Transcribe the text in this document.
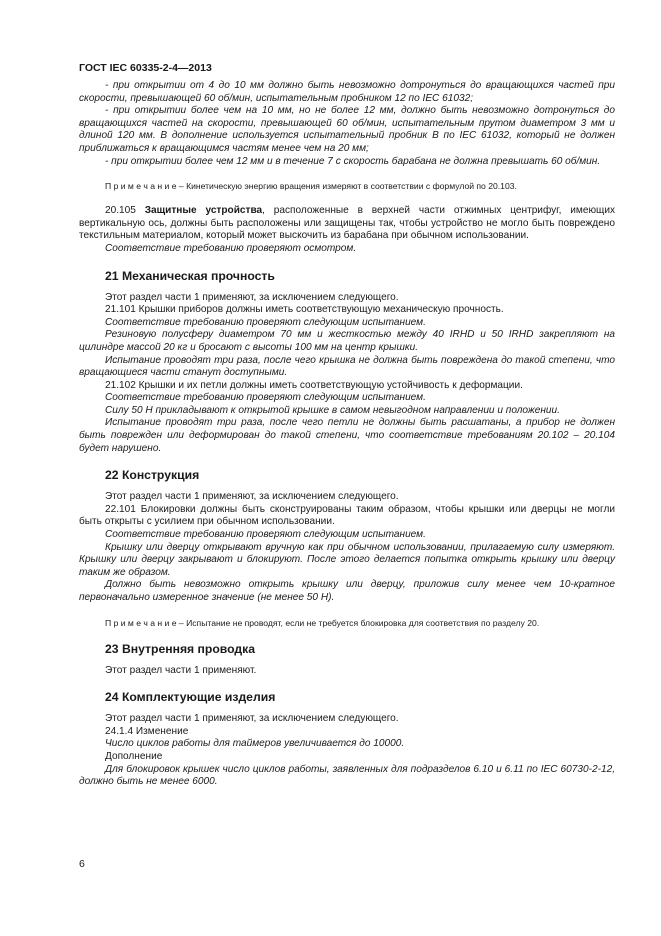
ГОСТ IEC 60335-2-4—2013

- при открытии от 4 до 10 мм должно быть невозможно дотронуться до вращающихся частей при скорости, превышающей 60 об/мин, испытательным пробником 12 по IEC 61032;

- при открытии более чем на 10 мм, но не более 12 мм, должно быть невозможно дотронуться до вращающихся частей на скорости, превышающей 60 об/мин, испытательным прутом диаметром 3 мм и длиной 120 мм. В дополнение используется испытательный пробник В по IEC 61032, который не должен приближаться к вращающимся частям менее чем на 20 мм;

- при открытии более чем 12 мм и в течение 7 с скорость барабана не должна превышать 60 об/мин.

П р и м е ч а н и е – Кинетическую энергию вращения измеряют в соответствии с формулой по 20.103.

20.105 Защитные устройства, расположенные в верхней части отжимных центрифуг, имеющих вертикальную ось, должны быть расположены или защищены так, чтобы устройство не могло быть повреждено текстильным материалом, который может выскочить из барабана при обычном использовании.

Соответствие требованию проверяют осмотром.

21 Механическая прочность

Этот раздел части 1 применяют, за исключением следующего.

21.101 Крышки приборов должны иметь соответствующую механическую прочность.

Соответствие требованию проверяют следующим испытанием.

Резиновую полусферу диаметром 70 мм и жесткостью между 40 IRHD и 50 IRHD закрепляют на цилиндре массой 20 кг и бросают с высоты 100 мм на центр крышки.

Испытание проводят три раза, после чего крышка не должна быть повреждена до такой степени, что вращающиеся части станут доступными.

21.102 Крышки и их петли должны иметь соответствующую устойчивость к деформации.

Соответствие требованию проверяют следующим испытанием.

Силу 50 Н прикладывают к открытой крышке в самом невыгодном направлении и положении.

Испытание проводят три раза, после чего петли не должны быть расшатаны, а прибор не должен быть поврежден или деформирован до такой степени, что соответствие требованиям 20.102 – 20.104 будет нарушено.

22 Конструкция

Этот раздел части 1 применяют, за исключением следующего.

22.101 Блокировки должны быть сконструированы таким образом, чтобы крышки или дверцы не могли быть открыты с усилием при обычном использовании.

Соответствие требованию проверяют следующим испытанием.

Крышку или дверцу открывают вручную как при обычном использовании, прилагаемую силу измеряют. Крышку или дверцу закрывают и блокируют. После этого делается попытка открыть крышку или дверцу таким же образом.

Должно быть невозможно открыть крышку или дверцу, приложив силу менее чем 10-кратное первоначально измеренное значение (не менее 50 Н).

П р и м е ч а н и е – Испытание не проводят, если не требуется блокировка для соответствия по разделу 20.

23 Внутренняя проводка

Этот раздел части 1 применяют.

24 Комплектующие изделия

Этот раздел части 1 применяют, за исключением следующего.

24.1.4 Изменение

Число циклов работы для таймеров увеличивается до 10000.

Дополнение

Для блокировок крышек число циклов работы, заявленных для подразделов 6.10 и 6.11 по IEC 60730-2-12, должно быть не менее 6000.

6
